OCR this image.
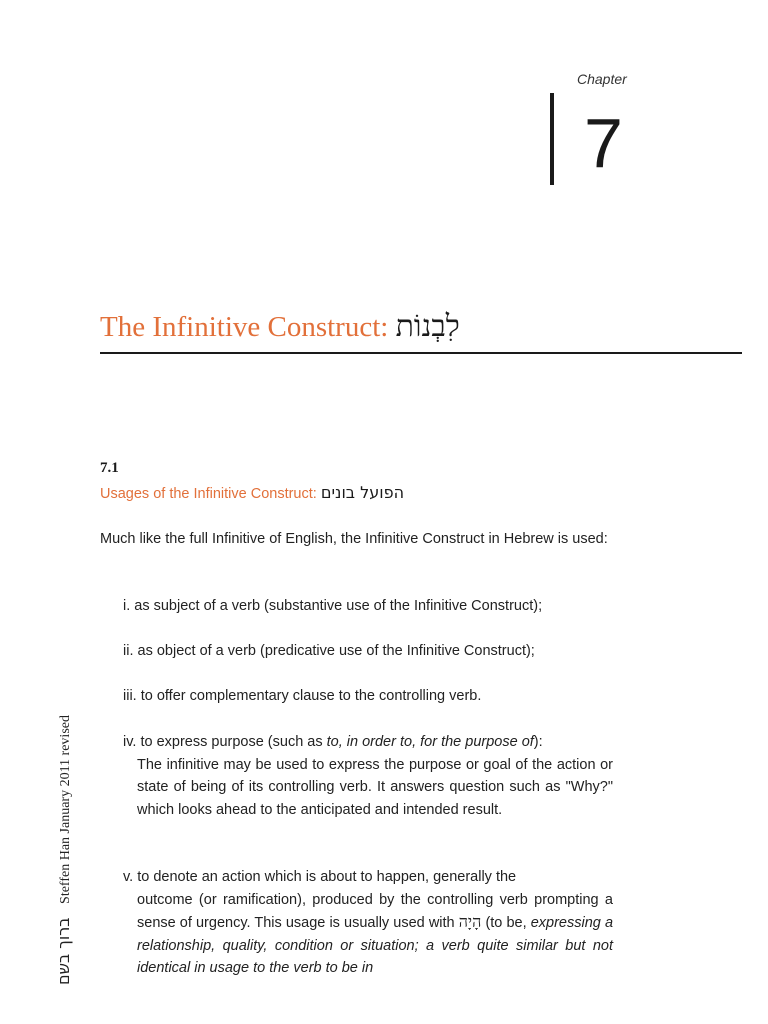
Chapter
7
The Infinitive Construct: לִבְנוֹת
7.1
Usages of the Infinitive Construct: הפועל בונים
Much like the full Infinitive of English, the Infinitive Construct in Hebrew is used:
i. as subject of a verb (substantive use of the Infinitive Construct);
ii. as object of a verb (predicative use of the Infinitive Construct);
iii. to offer complementary clause to the controlling verb.
iv. to express purpose (such as to, in order to, for the purpose of):
The infinitive may be used to express the purpose or goal of the action or state of being of its controlling verb. It answers question such as "Why?" which looks ahead to the anticipated and intended result.
v. to denote an action which is about to happen, generally the
outcome (or ramification), produced by the controlling verb prompting a sense of urgency. This usage is usually used with הָיָה (to be, expressing a relationship, quality, condition or situation; a verb quite similar but not identical in usage to the verb to be in
ברוך בשם Steffen Han January 2011 revised
